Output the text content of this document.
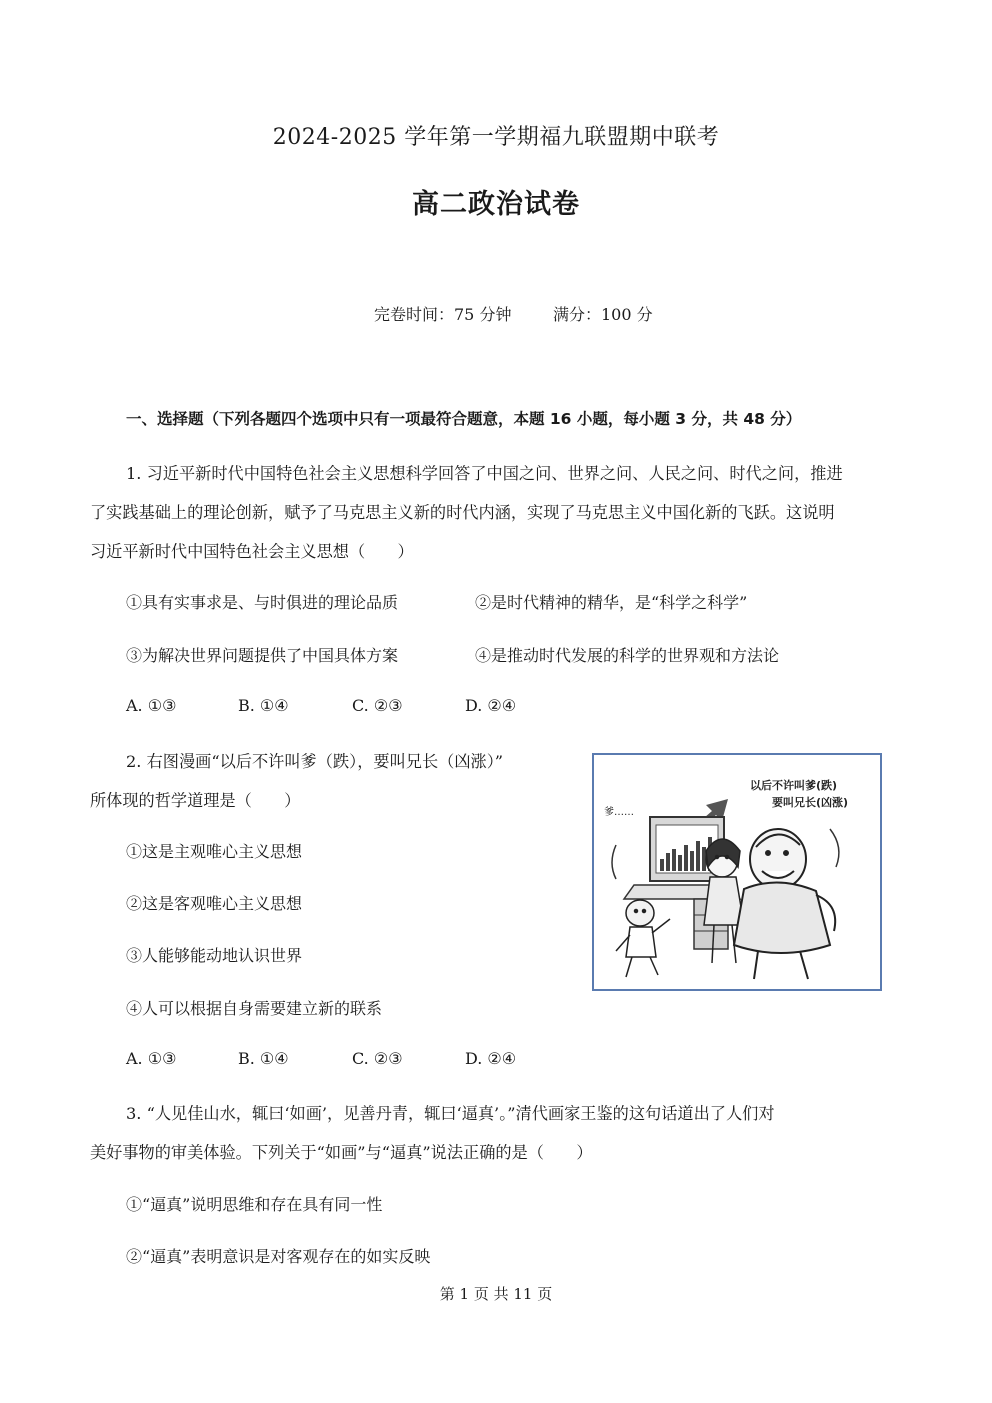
2024-2025 学年第一学期福九联盟期中联考
高二政治试卷
完卷时间：75 分钟	满分：100 分
一、选择题（下列各题四个选项中只有一项最符合题意，本题 16 小题，每小题 3 分，共 48 分）
1. 习近平新时代中国特色社会主义思想科学回答了中国之问、世界之问、人民之问、时代之问，推进
了实践基础上的理论创新，赋予了马克思主义新的时代内涵，实现了马克思主义中国化新的飞跃。这说明
习近平新时代中国特色社会主义思想（　　）
①具有实事求是、与时俱进的理论品质	②是时代精神的精华，是“科学之科学”
③为解决世界问题提供了中国具体方案	④是推动时代发展的科学的世界观和方法论
A. ①③	B. ①④	C. ②③	D. ②④
2. 右图漫画“以后不许叫爹（跌），要叫兄长（凶涨）”
所体现的哲学道理是（　　）
①这是主观唯心主义思想
②这是客观唯心主义思想
③人能够能动地认识世界
④人可以根据自身需要建立新的联系
A. ①③	B. ①④	C. ②③	D. ②④
以后不许叫爹(跌)
要叫兄长(凶涨)
爹……
3. “人见佳山水，辄曰‘如画’，见善丹青，辄曰‘逼真’。”清代画家王鉴的这句话道出了人们对
美好事物的审美体验。下列关于“如画”与“逼真”说法正确的是（　　）
①“逼真”说明思维和存在具有同一性
②“逼真”表明意识是对客观存在的如实反映
第 1 页 共 11 页
